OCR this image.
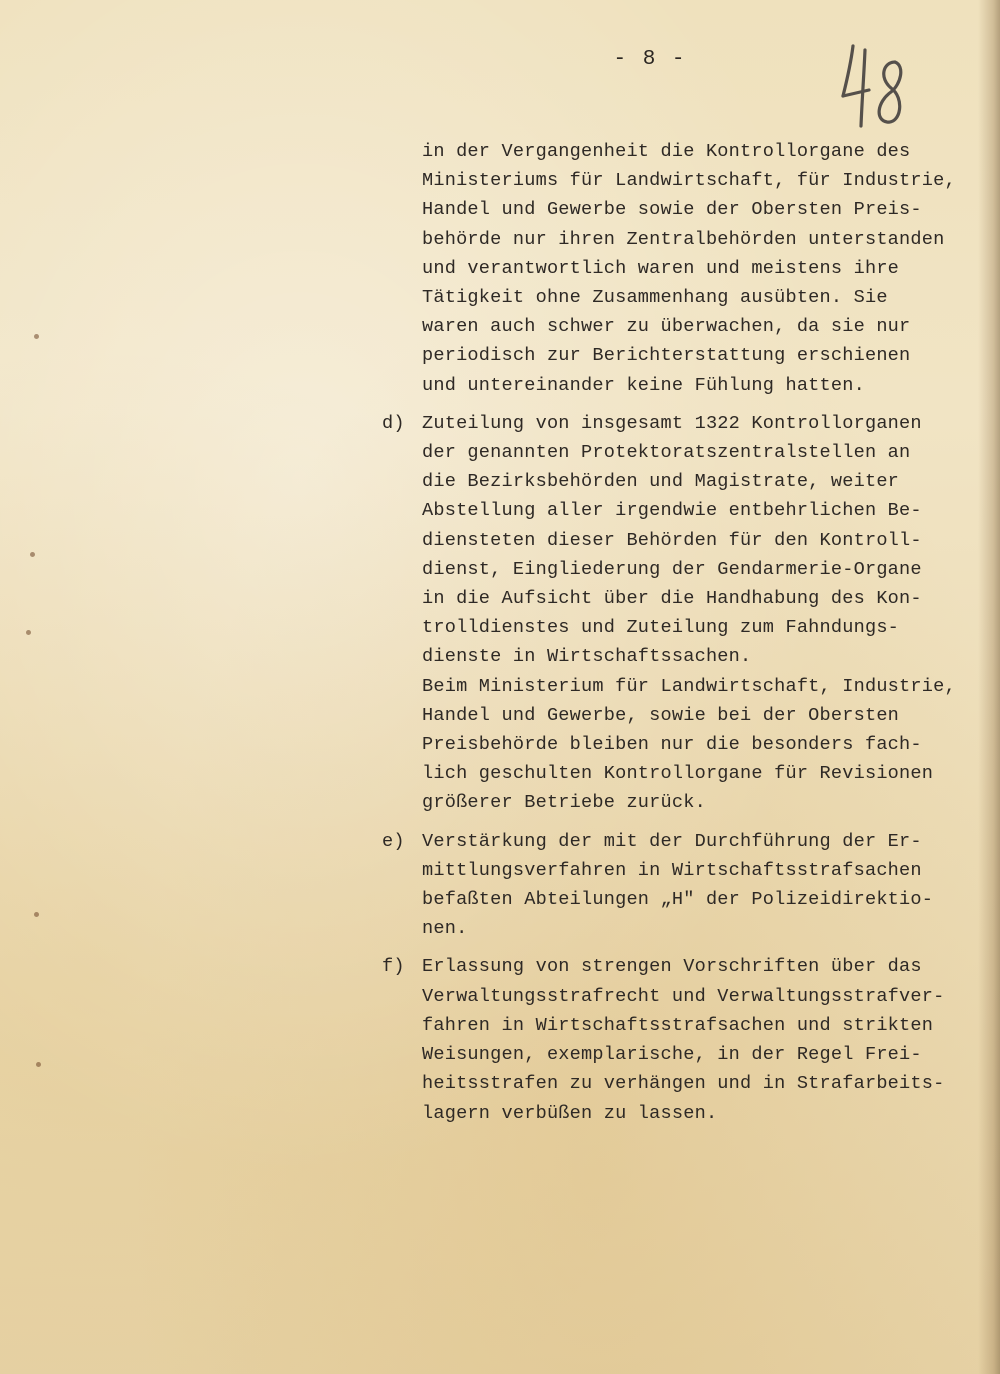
- 8 -
in der Vergangenheit die Kontrollorgane des
Ministeriums für Landwirtschaft, für Industrie,
Handel und Gewerbe sowie der Obersten Preis-
behörde nur ihren Zentralbehörden unterstanden
und verantwortlich waren und meistens ihre
Tätigkeit ohne Zusammenhang ausübten. Sie
waren auch schwer zu überwachen, da sie nur
periodisch zur Berichterstattung erschienen
und untereinander keine Fühlung hatten.
d) Zuteilung von insgesamt 1322 Kontrollorganen
der genannten Protektoratszentralstellen an
die Bezirksbehörden und Magistrate, weiter
Abstellung aller irgendwie entbehrlichen Be-
diensteten dieser Behörden für den Kontroll-
dienst, Eingliederung der Gendarmerie-Organe
in die Aufsicht über die Handhabung des Kon-
trolldienstes und Zuteilung zum Fahndungs-
dienste in Wirtschaftssachen.
Beim Ministerium für Landwirtschaft, Industrie,
Handel und Gewerbe, sowie bei der Obersten
Preisbehörde bleiben nur die besonders fach-
lich geschulten Kontrollorgane für Revisionen
größerer Betriebe zurück.
e) Verstärkung der mit der Durchführung der Er-
mittlungsverfahren in Wirtschaftsstrafsachen
befaßten Abteilungen „H" der Polizeidirektio-
nen.
f) Erlassung von strengen Vorschriften über das
Verwaltungsstrafrecht und Verwaltungsstrafver-
fahren in Wirtschaftsstrafsachen und strikten
Weisungen, exemplarische, in der Regel Frei-
heitsstrafen zu verhängen und in Strafarbeits-
lagern verbüßen zu lassen.
